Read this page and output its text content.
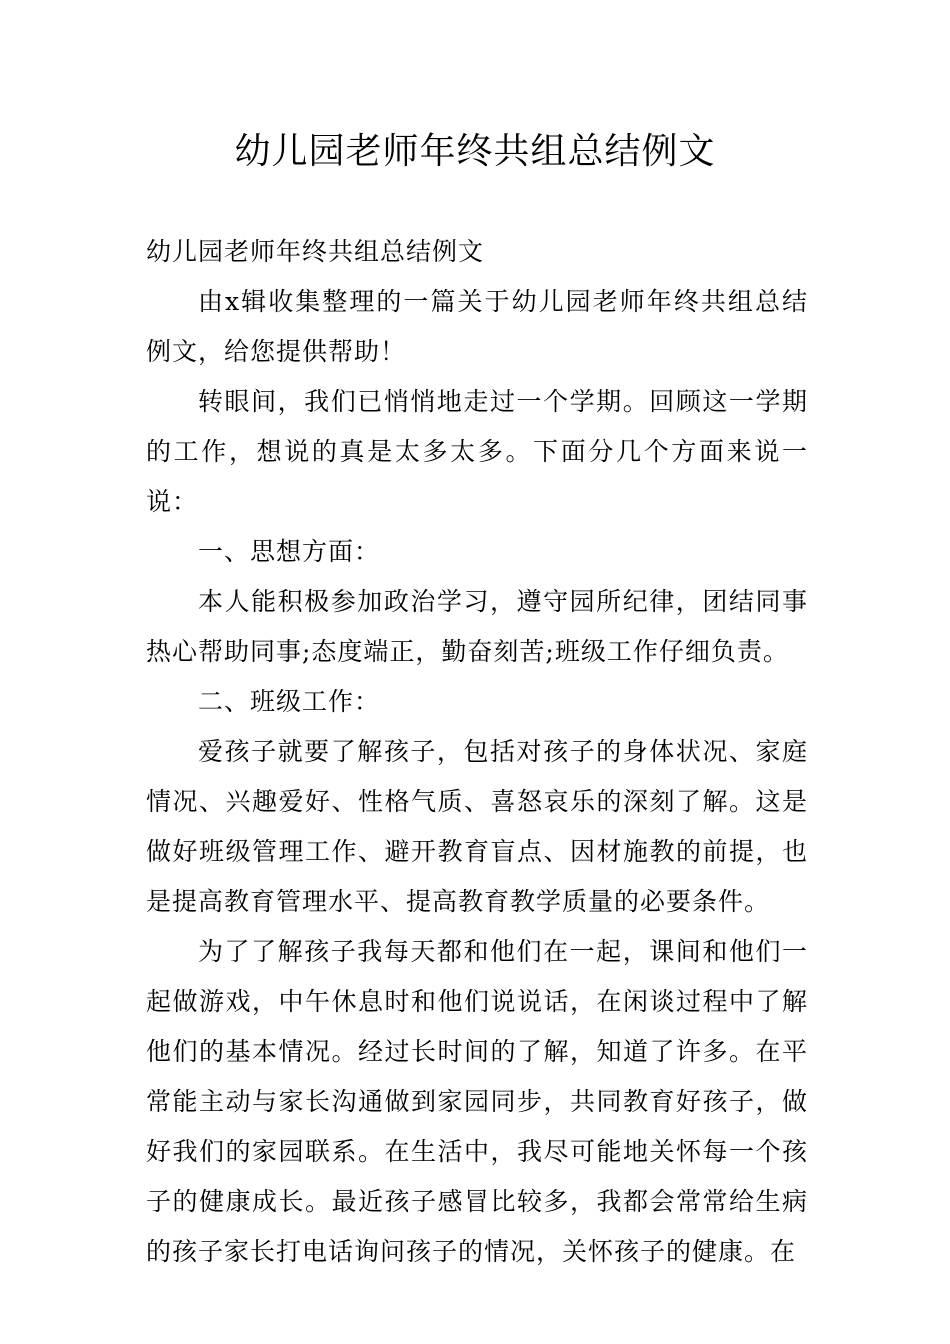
幼儿园老师年终共组总结例文

幼儿园老师年终共组总结例文

由x辑收集整理的一篇关于幼儿园老师年终共组总结例文，给您提供帮助！

转眼间，我们已悄悄地走过一个学期。回顾这一学期的工作，想说的真是太多太多。下面分几个方面来说一说：

一、思想方面：

本人能积极参加政治学习，遵守园所纪律，团结同事热心帮助同事;态度端正，勤奋刻苦;班级工作仔细负责。

二、班级工作：

爱孩子就要了解孩子，包括对孩子的身体状况、家庭情况、兴趣爱好、性格气质、喜怒哀乐的深刻了解。这是做好班级管理工作、避开教育盲点、因材施教的前提，也是提高教育管理水平、提高教育教学质量的必要条件。

为了了解孩子我每天都和他们在一起，课间和他们一起做游戏，中午休息时和他们说说话，在闲谈过程中了解他们的基本情况。经过长时间的了解，知道了许多。在平常能主动与家长沟通做到家园同步，共同教育好孩子，做好我们的家园联系。在生活中，我尽可能地关怀每一个孩子的健康成长。最近孩子感冒比较多，我都会常常给生病的孩子家长打电话询问孩子的情况，关怀孩子的健康。在
